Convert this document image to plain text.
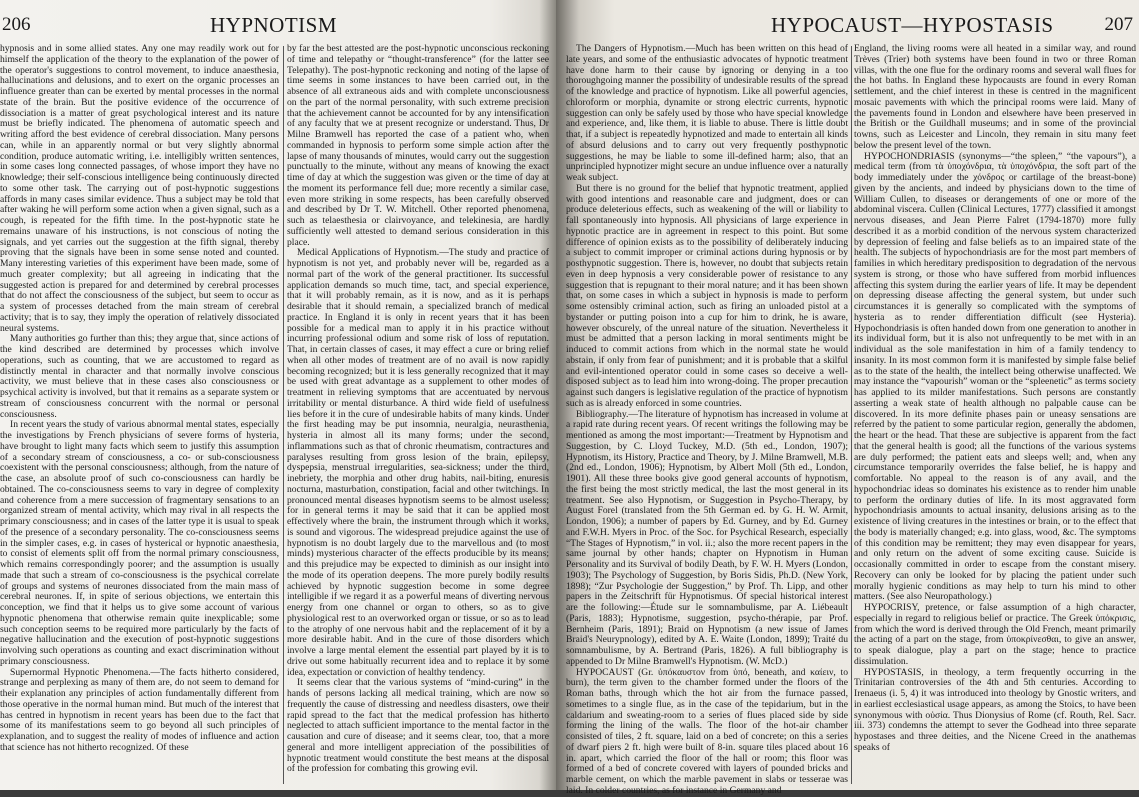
206	HYPNOTISM

hypnosis and in some allied states. Any one may readily work out for himself the application of the theory to the explanation of the power of the operator's suggestions to control movement, to induce anaesthesia, hallucinations and delusions, and to exert on the organic processes an influence greater than can be exerted by mental processes in the normal state of the brain. But the positive evidence of the occurrence of dissociation is a matter of great psychological interest and its nature must be briefly indicated. The phenomena of automatic speech and writing afford the best evidence of cerebral dissociation. Many persons can, while in an apparently normal or but very slightly abnormal condition, produce automatic writing, i.e. intelligibly written sentences, in some cases long connected passages, of whose import they have no knowledge; their self-conscious intelligence being continuously directed to some other task. The carrying out of post-hypnotic suggestions affords in many cases similar evidence. Thus a subject may be told that after waking he will perform some action when a given signal, such as a cough, is repeated for the fifth time. In the post-hypnotic state he remains unaware of his instructions, is not conscious of noting the signals, and yet carries out the suggestion at the fifth signal, thereby proving that the signals have been in some sense noted and counted. Many interesting varieties of this experiment have been made, some of much greater complexity; but all agreeing in indicating that the suggested action is prepared for and determined by cerebral processes that do not affect the consciousness of the subject, but seem to occur as a system of processes detached from the main stream of cerebral activity; that is to say, they imply the operation of relatively dissociated neural systems.

Many authorities go further than this; they argue that, since actions of the kind described are determined by processes which involve operations, such as counting, that we are accustomed to regard as distinctly mental in character and that normally involve conscious activity, we must believe that in these cases also consciousness or psychical activity is involved, but that it remains as a separate system or stream of consciousness concurrent with the normal or personal consciousness.

In recent years the study of various abnormal mental states, especially the investigations by French physicians of severe forms of hysteria, have brought to light many facts which seem to justify this assumption of a secondary stream of consciousness, a co- or sub-consciousness coexistent with the personal consciousness; although, from the nature of the case, an absolute proof of such co-consciousness can hardly be obtained. The co-consciousness seems to vary in degree of complexity and coherence from a mere succession of fragmentary sensations to an organized stream of mental activity, which may rival in all respects the primary consciousness; and in cases of the latter type it is usual to speak of the presence of a secondary personality. The co-consciousness seems in the simpler cases, e.g. in cases of hysterical or hypnotic anaesthesia, to consist of elements split off from the normal primary consciousness, which remains correspondingly poorer; and the assumption is usually made that such a stream of co-consciousness is the psychical correlate of groups and systems of neurones dissociated from the main mass of cerebral neurones. If, in spite of serious objections, we entertain this conception, we find that it helps us to give some account of various hypnotic phenomena that otherwise remain quite inexplicable; some such conception seems to be required more particularly by the facts of negative hallucination and the execution of post-hypnotic suggestions involving such operations as counting and exact discrimination without primary consciousness.

Supernormal Hypnotic Phenomena.—The facts hitherto considered, strange and perplexing as many of them are, do not seem to demand for their explanation any principles of action fundamentally different from those operative in the normal human mind. But much of the interest that has centred in hypnotism in recent years has been due to the fact that some of its manifestations seem to go beyond all such principles of explanation, and to suggest the reality of modes of influence and action that science has not hitherto recognized. Of these

by far the best attested are the post-hypnotic unconscious reckoning of time and telepathy or “thought-transference” (for the latter see Telepathy). The post-hypnotic reckoning and noting of the lapse of time seems in some instances to have been carried out, in the absence of all extraneous aids and with complete unconsciousness on the part of the normal personality, with such extreme precision that the achievement cannot be accounted for by any intensification of any faculty that we at present recognize or understand. Thus, Dr Milne Bramwell has reported the case of a patient who, when commanded in hypnosis to perform some simple action after the lapse of many thousands of minutes, would carry out the suggestion punctually to the minute, without any means of knowing the exact time of day at which the suggestion was given or the time of day at the moment its performance fell due; more recently a similar case, even more striking in some respects, has been carefully observed and described by Dr T. W. Mitchell. Other reported phenomena, such as telaesthesia or clairvoyance, and telekinesia, are hardly sufficiently well attested to demand serious consideration in this place.

Medical Applications of Hypnotism.—The study and practice of hypnotism is not yet, and probably never will be, regarded as a normal part of the work of the general practitioner. Its successful application demands so much time, tact, and special experience, that it will probably remain, as it is now, and as it is perhaps desirable that it should remain, a specialized branch of medical practice. In England it is only in recent years that it has been possible for a medical man to apply it in his practice without incurring professional odium and some risk of loss of reputation. That, in certain classes of cases, it may effect a cure or bring relief when all other modes of treatment are of no avail is now rapidly becoming recognized; but it is less generally recognized that it may be used with great advantage as a supplement to other modes of treatment in relieving symptoms that are accentuated by nervous irritability or mental disturbance. A third wide field of usefulness lies before it in the cure of undesirable habits of many kinds. Under the first heading may be put insomnia, neuralgia, neurasthenia, hysteria in almost all its many forms; under the second, inflammations such as that of chronic rheumatism, contractures and paralyses resulting from gross lesion of the brain, epilepsy, dyspepsia, menstrual irregularities, sea-sickness; under the third, inebriety, the morphia and other drug habits, nail-biting, enuresis nocturna, masturbation, constipation, facial and other twitchings. In pronounced mental diseases hypnotism seems to be almost useless; for in general terms it may be said that it can be applied most effectively where the brain, the instrument through which it works, is sound and vigorous. The widespread prejudice against the use of hypnotism is no doubt largely due to the marvellous and (to most minds) mysterious character of the effects producible by its means; and this prejudice may be expected to diminish as our insight into the mode of its operation deepens. The more purely bodily results achieved by hypnotic suggestion become in some degree intelligible if we regard it as a powerful means of diverting nervous energy from one channel or organ to others, so as to give physiological rest to an overworked organ or tissue, or so as to lead to the atrophy of one nervous habit and the replacement of it by a more desirable habit. And in the cure of those disorders which involve a large mental element the essential part played by it is to drive out some habitually recurrent idea and to replace it by some idea, expectation or conviction of healthy tendency.

It seems clear that the various systems of “mind-curing” in the hands of persons lacking all medical training, which are now so frequently the cause of distressing and needless disasters, owe their rapid spread to the fact that the medical profession has hitherto neglected to attach sufficient importance to the mental factor in the causation and cure of disease; and it seems clear, too, that a more general and more intelligent appreciation of the possibilities of hypnotic treatment would constitute the best means at the disposal of the profession for combating this growing evil.

HYPOCAUST—HYPOSTASIS	207

The Dangers of Hypnotism.—Much has been written on this head of late years, and some of the enthusiastic advocates of hypnotic treatment have done harm to their cause by ignoring or denying in a too thoroughgoing manner the possibility of undesirable results of the spread of the knowledge and practice of hypnotism. Like all powerful agencies, chloroform or morphia, dynamite or strong electric currents, hypnotic suggestion can only be safely used by those who have special knowledge and experience, and, like them, it is liable to abuse. There is little doubt that, if a subject is repeatedly hypnotized and made to entertain all kinds of absurd delusions and to carry out very frequently posthypnotic suggestions, he may be liable to some ill-defined harm; also, that an unprincipled hypnotizer might secure an undue influence over a naturally weak subject.

But there is no ground for the belief that hypnotic treatment, applied with good intentions and reasonable care and judgment, does or can produce deleterious effects, such as weakening of the will or liability to fall spontaneously into hypnosis. All physicians of large experience in hypnotic practice are in agreement in respect to this point. But some difference of opinion exists as to the possibility of deliberately inducing a subject to commit improper or criminal actions during hypnosis or by posthypnotic suggestion. There is, however, no doubt that subjects retain even in deep hypnosis a very considerable power of resistance to any suggestion that is repugnant to their moral nature; and it has been shown that, on some cases in which a subject in hypnosis is made to perform some ostensibly criminal action, such as firing an unloaded pistol at a bystander or putting poison into a cup for him to drink, he is aware, however obscurely, of the unreal nature of the situation. Nevertheless it must be admitted that a person lacking in moral sentiments might be induced to commit actions from which in the normal state he would abstain, if only from fear of punishment; and it is probable that a skilful and evil-intentioned operator could in some cases so deceive a well-disposed subject as to lead him into wrong-doing. The proper precaution against such dangers is legislative regulation of the practice of hypnotism such as is already enforced in some countries.

Bibliography.—The literature of hypnotism has increased in volume at a rapid rate during recent years. Of recent writings the following may be mentioned as among the most important:—Treatment by Hypnotism and Suggestion, by C. Lloyd Tuckey, M.D. (5th ed., London, 1907); Hypnotism, its History, Practice and Theory, by J. Milne Bramwell, M.B. (2nd ed., London, 1906); Hypnotism, by Albert Moll (5th ed., London, 1901). All these three books give good general accounts of hypnotism, the first being the most strictly medical, the last the most general in its treatment. See also Hypnotism, or Suggestion in Psycho-Therapy, by August Forel (translated from the 5th German ed. by G. H. W. Armit, London, 1906); a number of papers by Ed. Gurney, and by Ed. Gurney and F.W.H. Myers in Proc. of the Soc. for Psychical Research, especially “The Stages of Hypnotism,” in vol. ii.; also the more recent papers in the same journal by other hands; chapter on Hypnotism in Human Personality and its Survival of bodily Death, by F. W. H. Myers (London, 1903); The Psychology of Suggestion, by Boris Sidis, Ph.D. (New York, 1898); “Zur Psychologie der Suggestion,” by Prof. Th. Lipp, and other papers in the Zeitschrift für Hypnotismus. Of special historical interest are the following:—Étude sur le somnambulisme, par A. Liébeault (Paris, 1883); Hypnotisme, suggestion, psycho-thérapie, par Prof. Bernheim (Paris, 1891); Braid on Hypnotism (a new issue of James Braid's Neurypnology), edited by A. E. Waite (London, 1899); Traité du somnambulisme, by A. Bertrand (Paris, 1826). A full bibliography is appended to Dr Milne Bramwell's Hypnotism. (W. McD.)

HYPOCAUST (Gr. ὑπόκαυστον from ὑπό, beneath, and καίειν, to burn), the term given to the chamber formed under the floors of the Roman baths, through which the hot air from the furnace passed, sometimes to a single flue, as in the case of the tepidarium, but in the caldarium and sweating-room to a series of flues placed side by side forming the lining of the walls. The floor of the hot-air chamber consisted of tiles, 2 ft. square, laid on a bed of concrete; on this a series of dwarf piers 2 ft. high were built of 8-in. square tiles placed about 16 in. apart, which carried the floor of the hall or room; this floor was formed of a bed of concrete covered with layers of pounded bricks and marble cement, on which the marble pavement in slabs or tesserae was laid. In colder countries, as for instance in Germany and

England, the living rooms were all heated in a similar way, and round Trèves (Trier) both systems have been found in two or three Roman villas, with the one flue for the ordinary rooms and several wall flues for the hot baths. In England these hypocausts are found in every Roman settlement, and the chief interest in these is centred in the magnificent mosaic pavements with which the principal rooms were laid. Many of the pavements found in London and elsewhere have been preserved in the British or the Guildhall museums; and in some of the provincial towns, such as Leicester and Lincoln, they remain in situ many feet below the present level of the town.

HYPOCHONDRIASIS (synonyms—“the spleen,” “the vapours”), a medical term (from τὰ ὑποχόνδρια, τὰ ὑποχόνδρια, the soft part of the body immediately under the χόνδρος or cartilage of the breast-bone) given by the ancients, and indeed by physicians down to the time of William Cullen, to diseases or derangements of one or more of the abdominal viscera. Cullen (Clinical Lectures, 1777) classified it amongst nervous diseases, and Jean Pierre Falret (1794-1870) more fully described it as a morbid condition of the nervous system characterized by depression of feeling and false beliefs as to an impaired state of the health. The subjects of hypochondriasis are for the most part members of families in which hereditary predisposition to degradation of the nervous system is strong, or those who have suffered from morbid influences affecting this system during the earlier years of life. It may be dependent on depressing disease affecting the general system, but under such circumstances it is generally so complicated with the symptoms of hysteria as to render differentiation difficult (see Hysteria). Hypochondriasis is often handed down from one generation to another in its individual form, but it is also not unfrequently to be met with in an individual as the sole manifestation in him of a family tendency to insanity. In its most common form it is manifested by simple false belief as to the state of the health, the intellect being otherwise unaffected. We may instance the “vapourish” woman or the “spleenetic” as terms society has applied to its milder manifestations. Such persons are constantly asserting a weak state of health although no palpable cause can be discovered. In its more definite phases pain or uneasy sensations are referred by the patient to some particular region, generally the abdomen, the heart or the head. That these are subjective is apparent from the fact that the general health is good; all the functions of the various systems are duly performed; the patient eats and sleeps well; and, when any circumstance temporarily overrides the false belief, he is happy and comfortable. No appeal to the reason is of any avail, and the hypochondriac ideas so dominates his existence as to render him unable to perform the ordinary duties of life. In its most aggravated form hypochondriasis amounts to actual insanity, delusions arising as to the existence of living creatures in the intestines or brain, or to the effect that the body is materially changed; e.g. into glass, wood, &c. The symptoms of this condition may be remittent; they may even disappear for years, and only return on the advent of some exciting cause. Suicide is occasionally committed in order to escape from the constant misery. Recovery can only be looked for by placing the patient under such morally hygienic conditions as may help to turn his mind to other matters. (See also Neuropathology.)

HYPOCRISY, pretence, or false assumption of a high character, especially in regard to religious belief or practice. The Greek ὑπόκρισις, from which the word is derived through the Old French, meant primarily the acting of a part on the stage, from ὑποκρίνεσθαι, to give an answer, to speak dialogue, play a part on the stage; hence to practice dissimulation.

HYPOSTASIS, in theology, a term frequently occurring in the Trinitarian controversies of the 4th and 5th centuries. According to Irenaeus (i. 5, 4) it was introduced into theology by Gnostic writers, and in earliest ecclesiastical usage appears, as among the Stoics, to have been synonymous with οὐσία. Thus Dionysius of Rome (cf. Routh, Rel. Sacr. iii. 373) condemns the attempt to sever the Godhead into three separate hypostases and three deities, and the Nicene Creed in the anathemas speaks of
